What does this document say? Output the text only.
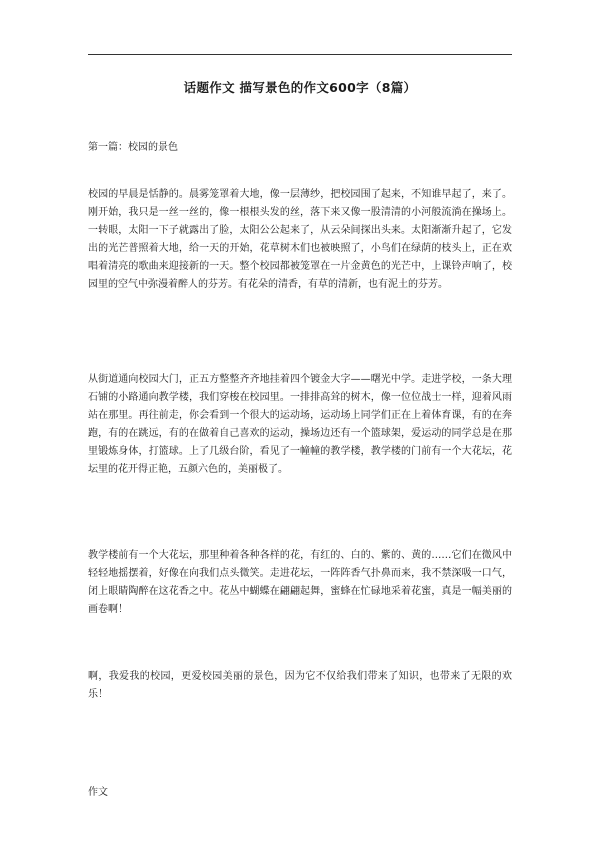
话题作文 描写景色的作文600字（8篇）
第一篇：校园的景色

校园的早晨是恬静的。晨雾笼罩着大地，像一层薄纱，把校园围了起来，不知谁早起了，来了。刚开始，我只是一丝一丝的，像一根根头发的丝，落下来又像一股清清的小河般流淌在操场上。一转眼，太阳一下子就露出了脸，太阳公公起来了，从云朵间探出头来。太阳渐渐升起了，它发出的光芒普照着大地，给一天的开始，花草树木们也被映照了，小鸟们在绿荫的枝头上，正在欢唱着清亮的歌曲来迎接新的一天。整个校园都被笼罩在一片金黄色的光芒中，上课铃声响了，校园里的空气中弥漫着醉人的芬芳。有花朵的清香，有草的清新，也有泥土的芬芳。

从街道通向校园大门，正五方整整齐齐地挂着四个镀金大字——曙光中学。走进学校，一条大理石铺的小路通向教学楼，我们穿梭在校园里。一排排高耸的树木，像一位位战士一样，迎着风雨站在那里。再往前走，你会看到一个很大的运动场，运动场上同学们正在上着体育课，有的在奔跑，有的在跳远，有的在做着自己喜欢的运动，操场边还有一个篮球架，爱运动的同学总是在那里锻炼身体，打篮球。上了几级台阶，看见了一幢幢的教学楼，教学楼的门前有一个大花坛，花坛里的花开得正艳，五颜六色的，美丽极了。

教学楼前有一个大花坛，那里种着各种各样的花，有红的、白的、紫的、黄的……它们在微风中轻轻地摇摆着，好像在向我们点头微笑。走进花坛，一阵阵香气扑鼻而来，我不禁深吸一口气，闭上眼睛陶醉在这花香之中。花丛中蝴蝶在翩翩起舞，蜜蜂在忙碌地采着花蜜，真是一幅美丽的画卷啊！

啊，我爱我的校园，更爱校园美丽的景色，因为它不仅给我们带来了知识，也带来了无限的欢乐！

作文
